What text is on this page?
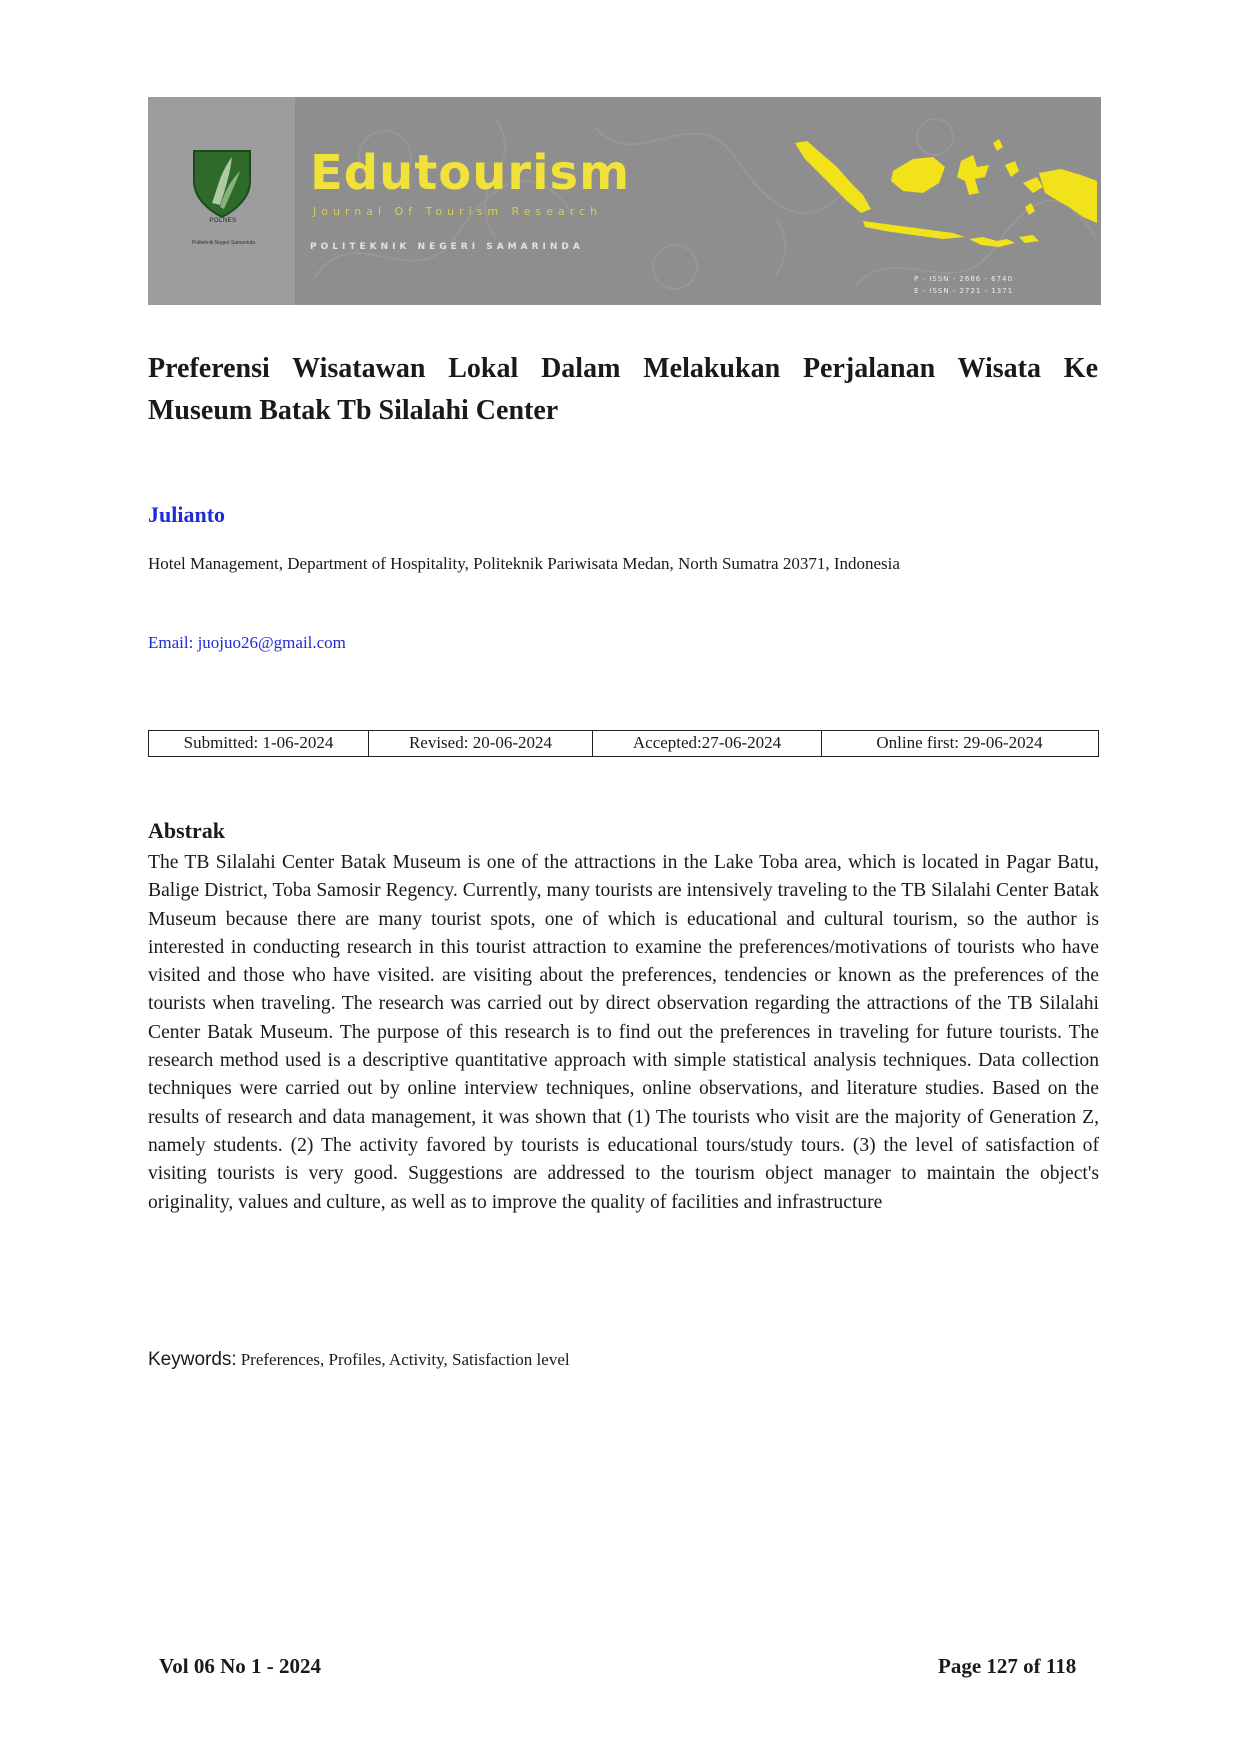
POLNES
Politeknik Negeri Samarinda
Edutourism
Journal Of Tourism Research
POLITEKNIK NEGERI SAMARINDA
P - ISSN - 2686 - 6740
E - ISSN - 2721 - 1371
Preferensi Wisatawan Lokal Dalam Melakukan Perjalanan Wisata Ke Museum Batak Tb Silalahi Center

Julianto

Hotel Management, Department of Hospitality, Politeknik Pariwisata Medan, North Sumatra 20371, Indonesia

Email: juojuo26@gmail.com

Submitted: 1-06-2024	Revised: 20-06-2024	Accepted:27-06-2024	Online first: 29-06-2024

Abstrak

The TB Silalahi Center Batak Museum is one of the attractions in the Lake Toba area, which is located in Pagar Batu, Balige District, Toba Samosir Regency. Currently, many tourists are intensively traveling to the TB Silalahi Center Batak Museum because there are many tourist spots, one of which is educational and cultural tourism, so the author is interested in conducting research in this tourist attraction to examine the preferences/motivations of tourists who have visited and those who have visited. are visiting about the preferences, tendencies or known as the preferences of the tourists when traveling. The research was carried out by direct observation regarding the attractions of the TB Silalahi Center Batak Museum. The purpose of this research is to find out the preferences in traveling for future tourists. The research method used is a descriptive quantitative approach with simple statistical analysis techniques. Data collection techniques were carried out by online interview techniques, online observations, and literature studies. Based on the results of research and data management, it was shown that (1) The tourists who visit are the majority of Generation Z, namely students. (2) The activity favored by tourists is educational tours/study tours. (3) the level of satisfaction of visiting tourists is very good. Suggestions are addressed to the tourism object manager to maintain the object's originality, values and culture, as well as to improve the quality of facilities and infrastructure

Keywords: Preferences, Profiles, Activity, Satisfaction level

Vol 06 No 1 - 2024	Page 127 of 118
